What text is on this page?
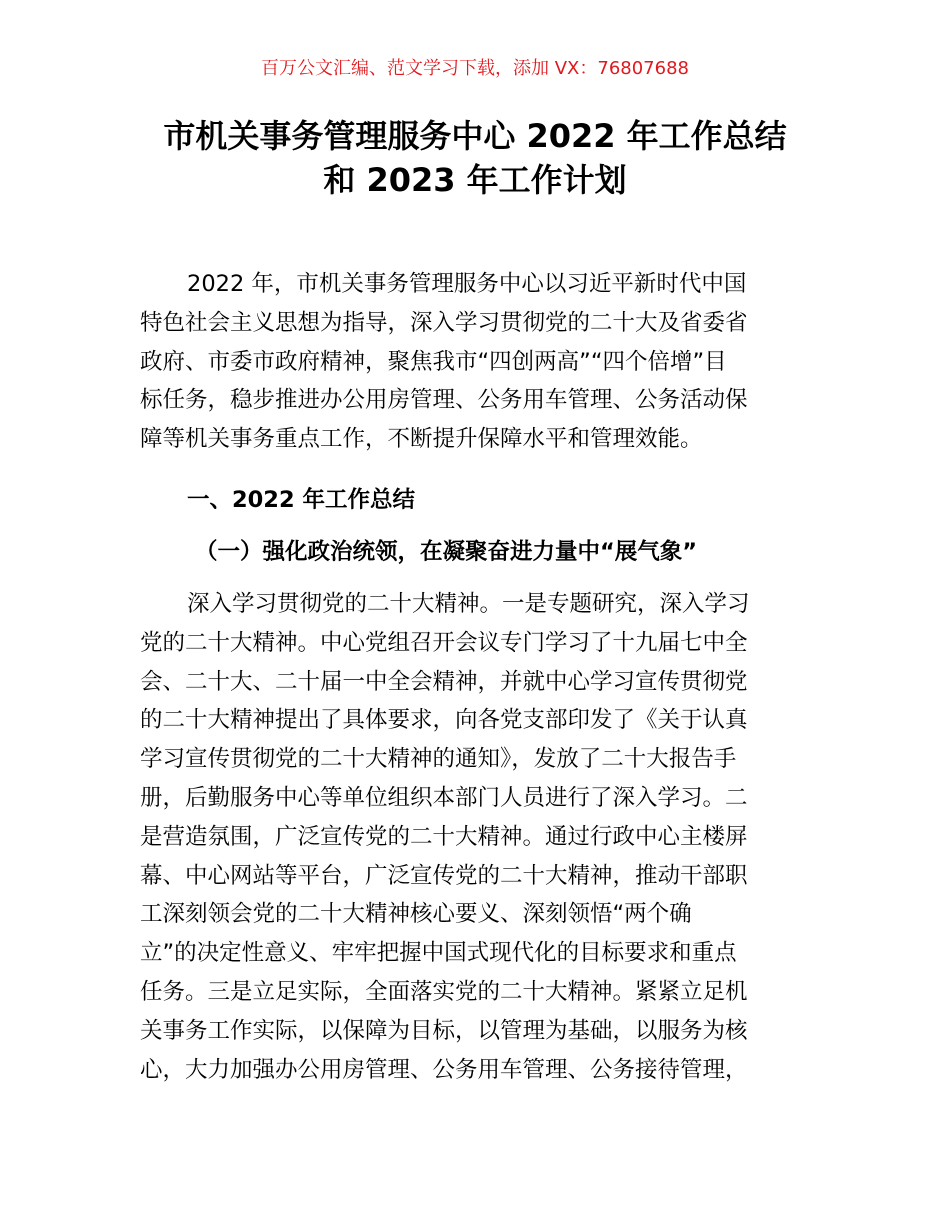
百万公文汇编、范文学习下载，添加 VX：76807688
市机关事务管理服务中心 2022 年工作总结
和 2023 年工作计划
2022 年，市机关事务管理服务中心以习近平新时代中国
特色社会主义思想为指导，深入学习贯彻党的二十大及省委省
政府、市委市政府精神，聚焦我市“四创两高”“四个倍增”目
标任务，稳步推进办公用房管理、公务用车管理、公务活动保
障等机关事务重点工作，不断提升保障水平和管理效能。
一、2022 年工作总结
（一）强化政治统领，在凝聚奋进力量中“展气象”
深入学习贯彻党的二十大精神。一是专题研究，深入学习
党的二十大精神。中心党组召开会议专门学习了十九届七中全
会、二十大、二十届一中全会精神，并就中心学习宣传贯彻党
的二十大精神提出了具体要求，向各党支部印发了《关于认真
学习宣传贯彻党的二十大精神的通知》，发放了二十大报告手
册，后勤服务中心等单位组织本部门人员进行了深入学习。二
是营造氛围，广泛宣传党的二十大精神。通过行政中心主楼屏
幕、中心网站等平台，广泛宣传党的二十大精神，推动干部职
工深刻领会党的二十大精神核心要义、深刻领悟“两个确
立”的决定性意义、牢牢把握中国式现代化的目标要求和重点
任务。三是立足实际，全面落实党的二十大精神。紧紧立足机
关事务工作实际，以保障为目标，以管理为基础，以服务为核
心，大力加强办公用房管理、公务用车管理、公务接待管理，
